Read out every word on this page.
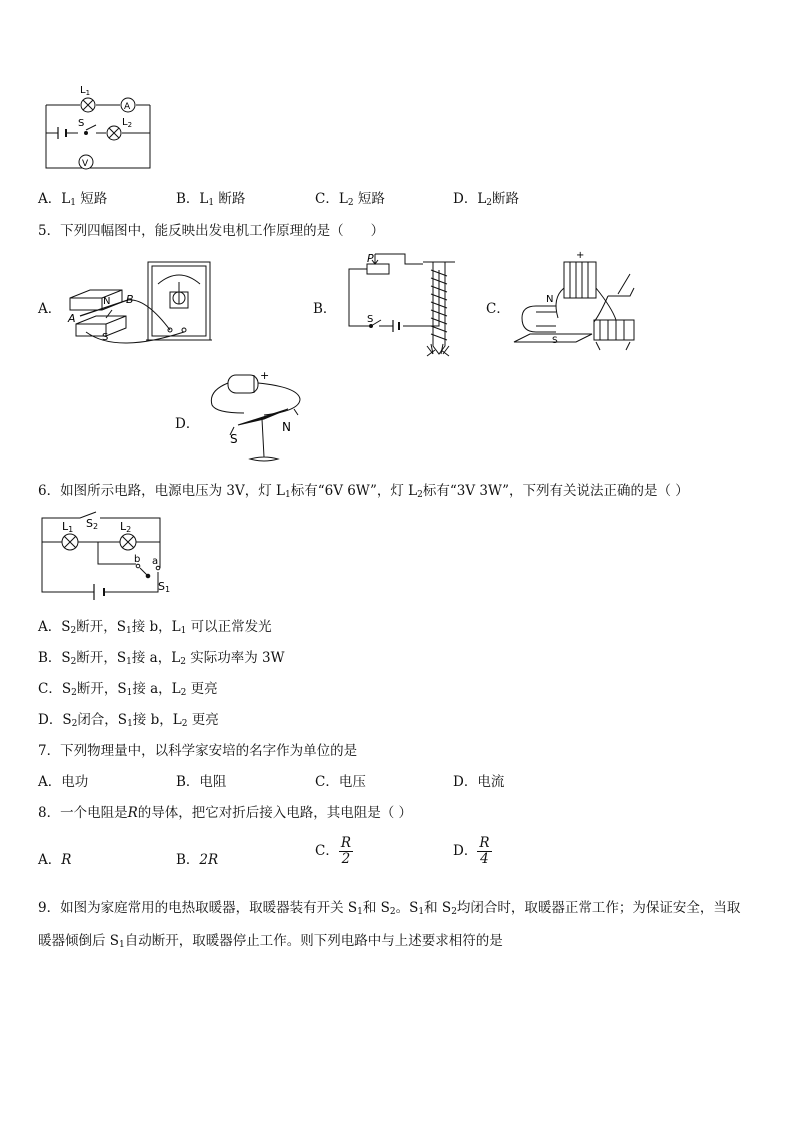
$L_1$
A
S	$L_2$
V
A．$L_1$ 短路	B．$L_1$ 断路	C．$L_2$ 短路	D．$L_2$断路
5．下列四幅图中，能反映出发电机工作原理的是（　　）
A．	N B
A
S
B．
P
S
C．
+
N
S
D．
+
S
N
6．如图所示电路，电源电压为 3V，灯 $L_1$标有“6V 6W”，灯 $L_2$标有“3V 3W”，下列有关说法正确的是（ ）
L1 S2 L2
b a
S1
A．$S_2$断开，$S_1$接 b，$L_1$ 可以正常发光
B．$S_2$断开，$S_1$接 a，$L_2$ 实际功率为 3W
C．$S_2$断开，$S_1$接 a，$L_2$ 更亮
D．$S_2$闭合，$S_1$接 b，$L_2$ 更亮
7．下列物理量中，以科学家安培的名字作为单位的是
A．电功	B．电阻	C．电压	D．电流
8．一个电阻是R的导体，把它对折后接入电路，其电阻是（ ）
A．R	B．2R
C． $\frac{R}{2}$	D． $\frac{R}{4}$
9．如图为家庭常用的电热取暖器，取暖器装有开关 $S_1$和 $S_2$。$S_1$和 $S_2$均闭合时，取暖器正常工作；为保证安全，当取
暖器倾倒后 $S_1$自动断开，取暖器停止工作。则下列电路中与上述要求相符的是
